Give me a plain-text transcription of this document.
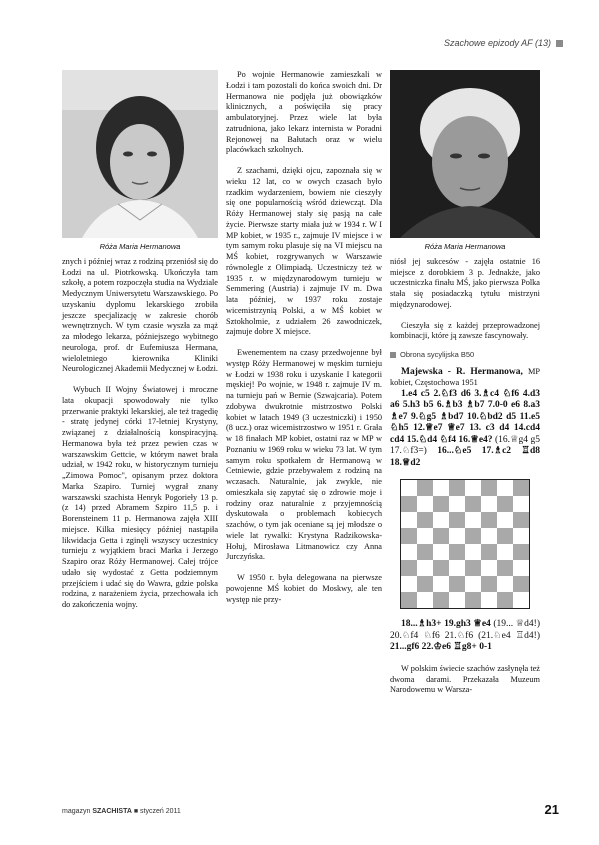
Szachowe epizody AF (13)
Róża Maria Hermanowa

znych i później wraz z rodziną przeniósł się do Łodzi na ul. Piotrkowską. Ukończyła tam szkołę, a potem rozpoczęła studia na Wydziale Medycznym Uniwersytetu Warszawskiego. Po uzyskaniu dyplomu lekarskiego zrobiła jeszcze specjalizację w zakresie chorób wewnętrznych. W tym czasie wyszła za mąż za młodego lekarza, późniejszego wybitnego neurologa, prof. dr Eufemiusza Hermana, wieloletniego kierownika Kliniki Neurologicznej Akademii Medycznej w Łodzi.

Wybuch II Wojny Światowej i mroczne lata okupacji spowodowały nie tylko przerwanie praktyki lekarskiej, ale też tragedię - stratę jedynej córki 17-letniej Krystyny, związanej z działalnością konspiracyjną. Hermanowa była też przez pewien czas w warszawskim Gettcie, w którym nawet brała udział, w 1942 roku, w historycznym turnieju „Zimowa Pomoc", opisanym przez doktora Marka Szapiro. Turniej wygrał znany warszawski szachista Henryk Pogorieły 13 p. (z 14) przed Abramem Szpiro 11,5 p. i Borensteinem 11 p. Hermanowa zajęła XIII miejsce. Kilka miesięcy później nastąpiła likwidacja Getta i zginęli wszyscy uczestnicy turnieju z wyjątkiem braci Marka i Jerzego Szapiro oraz Róży Hermanowej. Całej trójce udało się wydostać z Getta podziemnym przejściem i udać się do Wawra, gdzie polska rodzina, z narażeniem życia, przechowała ich do zakończenia wojny.

Po wojnie Hermanowie zamieszkali w Łodzi i tam pozostali do końca swoich dni. Dr Hermanowa nie podjęła już obowiązków klinicznych, a poświęciła się pracy ambulatoryjnej. Przez wiele lat była zatrudniona, jako lekarz internista w Poradni Rejonowej na Bałutach oraz w wielu placówkach szkolnych.

Z szachami, dzięki ojcu, zapoznała się w wieku 12 lat, co w owych czasach było rzadkim wydarzeniem, bowiem nie cieszyły się one popularnością wśród dziewcząt. Dla Róży Hermanowej stały się pasją na całe życie. Pierwsze starty miała już w 1934 r. W I MP kobiet, w 1935 r., zajmuje IV miejsce i w tym samym roku plasuje się na VI miejscu na MŚ kobiet, rozgrywanych w Warszawie równolegle z Olimpiadą. Uczestniczy też w 1935 r. w międzynarodowym turnieju w Semmering (Austria) i zajmuje IV m. Dwa lata później, w 1937 roku zostaje wicemistrzynią Polski, a w MŚ kobiet w Sztokholmie, z udziałem 26 zawodniczek, zajmuje dobre X miejsce.

Ewenementem na czasy przedwojenne był występ Róży Hermanowej w męskim turnieju w Łodzi w 1938 roku i uzyskanie I kategorii męskiej! Po wojnie, w 1948 r. zajmuje IV m. na turnieju pań w Bernie (Szwajcaria). Potem zdobywa dwukrotnie mistrzostwo Polski kobiet w latach 1949 (3 uczestniczki) i 1950 (8 ucz.) oraz wicemistrzostwo w 1951 r. Grała w 18 finałach MP kobiet, ostatni raz w MP w Poznaniu w 1969 roku w wieku 73 lat. W tym samym roku spotkałem dr Hermanową w Cetniewie, gdzie przebywałem z rodziną na wczasach. Naturalnie, jak zwykle, nie omieszkała się zapytać się o zdrowie moje i rodziny oraz naturalnie z przyjemnością dyskutowała o problemach kobiecych szachów, o tym jak oceniane są jej młodsze o wiele lat rywalki: Krystyna Radzikowska-Hołuj, Mirosława Litmanowicz czy Anna Jurczyńska.

W 1950 r. była delegowana na pierwsze powojenne MŚ kobiet do Moskwy, ale ten występ nie przy-

Róża Maria Hermanowa

niósł jej sukcesów - zajęła ostatnie 16 miejsce z dorobkiem 3 p. Jednakże, jako uczestniczka finału MŚ, jako pierwsza Polka stała się posiadaczką tytułu mistrzyni międzynarodowej.

Cieszyła się z każdej przeprowadzonej kombinacji, które ją zawsze fascynowały.

Obrona sycylijska B50

Majewska - R. Hermanowa, MP kobiet, Częstochowa 1951

1.e4 c5 2.♘f3 d6 3.♗c4 ♘f6 4.d3 a6 5.h3 b5 6.♗b3 ♗b7 7.0-0 e6 8.a3 ♗e7 9.♘g5 ♗bd7 10.♘bd2 d5 11.e5 ♘h5 12.♕e7 ♕e7 13. c3 d4 14.cd4 cd4 15.♘d4 ♘f4 16.♕e4? (16.♕g4 g5 17.♘f3=) 16...♘e5 17.♗c2 ♖d8 18.♕d2

18...♗h3+ 19.gh3 ♕e4 (19... ♕d4!) 20.♘f4 ♘f6 21.♘f6 (21.♘e4 ♖d4!) 21...gf6 22.♔e6 ♖g8+ 0-1

W polskim świecie szachów zasłynęła też dwoma darami. Przekazała Muzeum Narodowemu w Warsza-

magazyn SZACHISTA ■ styczeń 2011	21
